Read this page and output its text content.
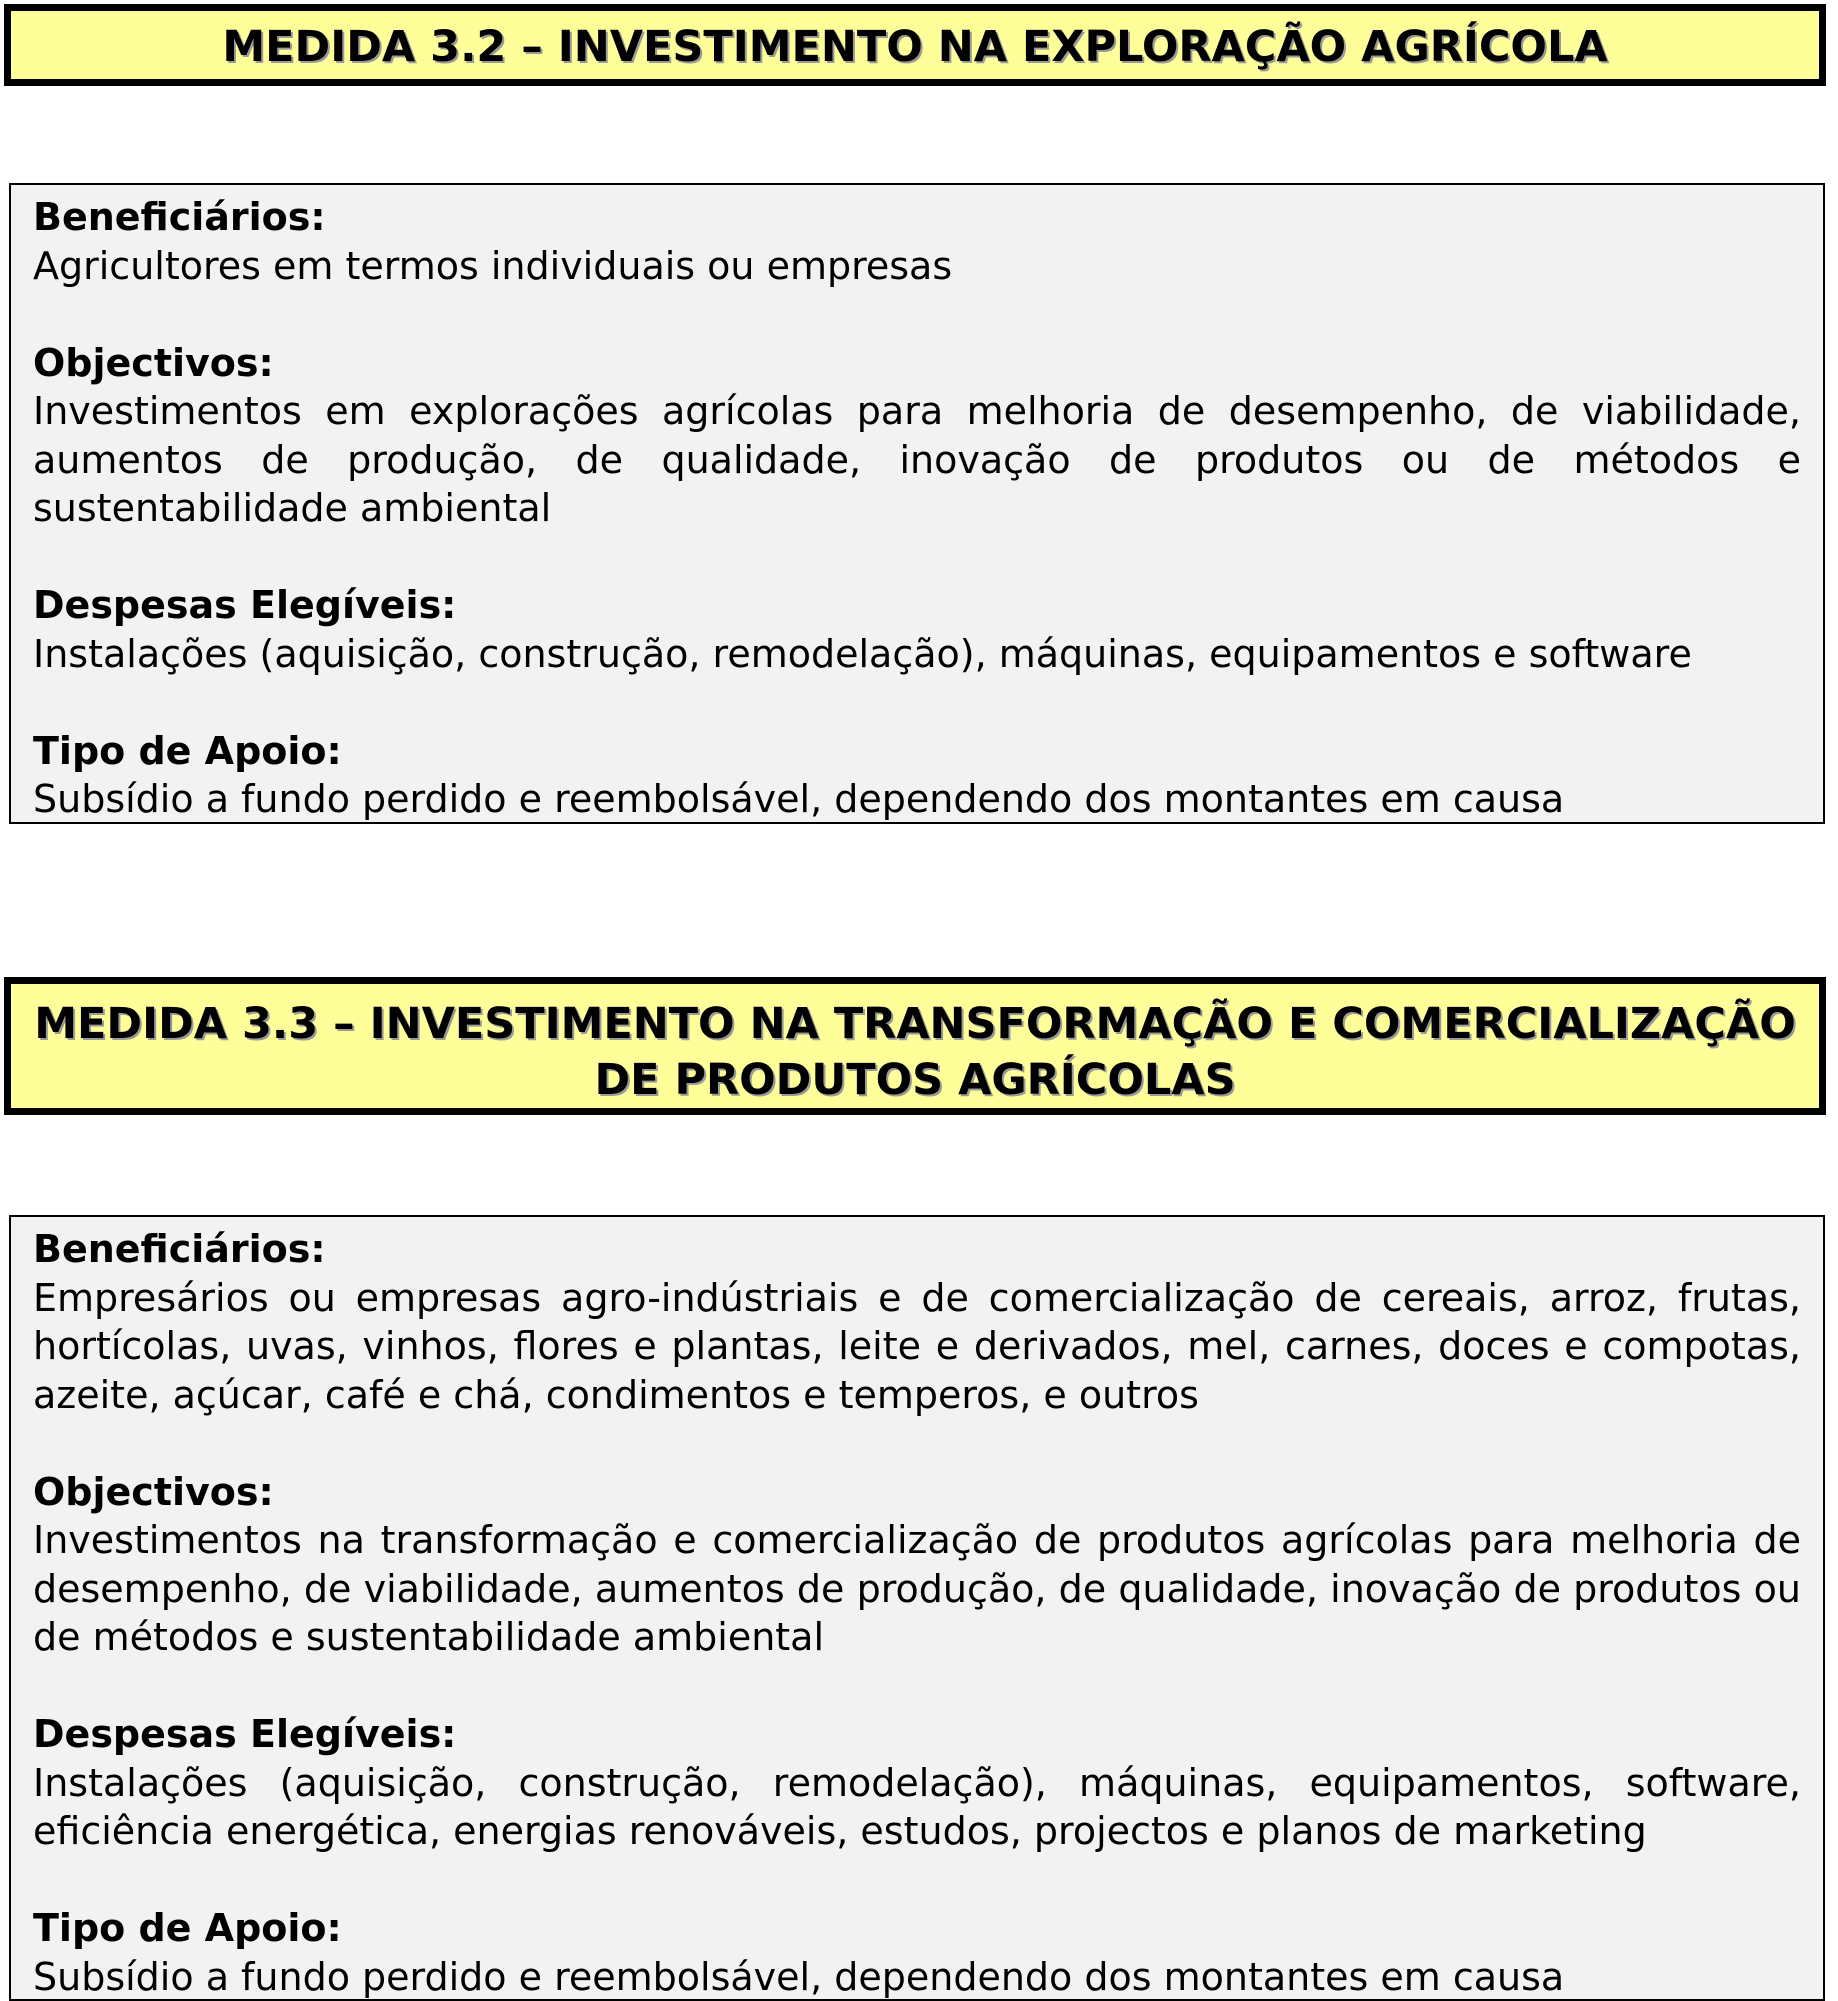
MEDIDA 3.2 – INVESTIMENTO NA EXPLORAÇÃO AGRÍCOLA
Beneficiários:
Agricultores em termos individuais ou empresas
Objectivos:
Investimentos em explorações agrícolas para melhoria de desempenho, de viabilidade, aumentos de produção, de qualidade, inovação de produtos ou de métodos e sustentabilidade ambiental
Despesas Elegíveis:
Instalações (aquisição, construção, remodelação), máquinas, equipamentos e software
Tipo de Apoio:
Subsídio a fundo perdido e reembolsável, dependendo dos montantes em causa
MEDIDA 3.3 – INVESTIMENTO NA TRANSFORMAÇÃO E COMERCIALIZAÇÃO DE PRODUTOS AGRÍCOLAS
Beneficiários:
Empresários ou empresas agro-indústriais e de comercialização de cereais, arroz, frutas, hortícolas, uvas, vinhos, flores e plantas, leite e derivados, mel, carnes, doces e compotas, azeite, açúcar, café e chá, condimentos e temperos, e outros
Objectivos:
Investimentos na transformação e comercialização de produtos agrícolas para melhoria de desempenho, de viabilidade, aumentos de produção, de qualidade, inovação de produtos ou de métodos e sustentabilidade ambiental
Despesas Elegíveis:
Instalações (aquisição, construção, remodelação), máquinas, equipamentos, software, eficiência energética, energias renováveis, estudos, projectos e planos de marketing
Tipo de Apoio:
Subsídio a fundo perdido e reembolsável, dependendo dos montantes em causa
